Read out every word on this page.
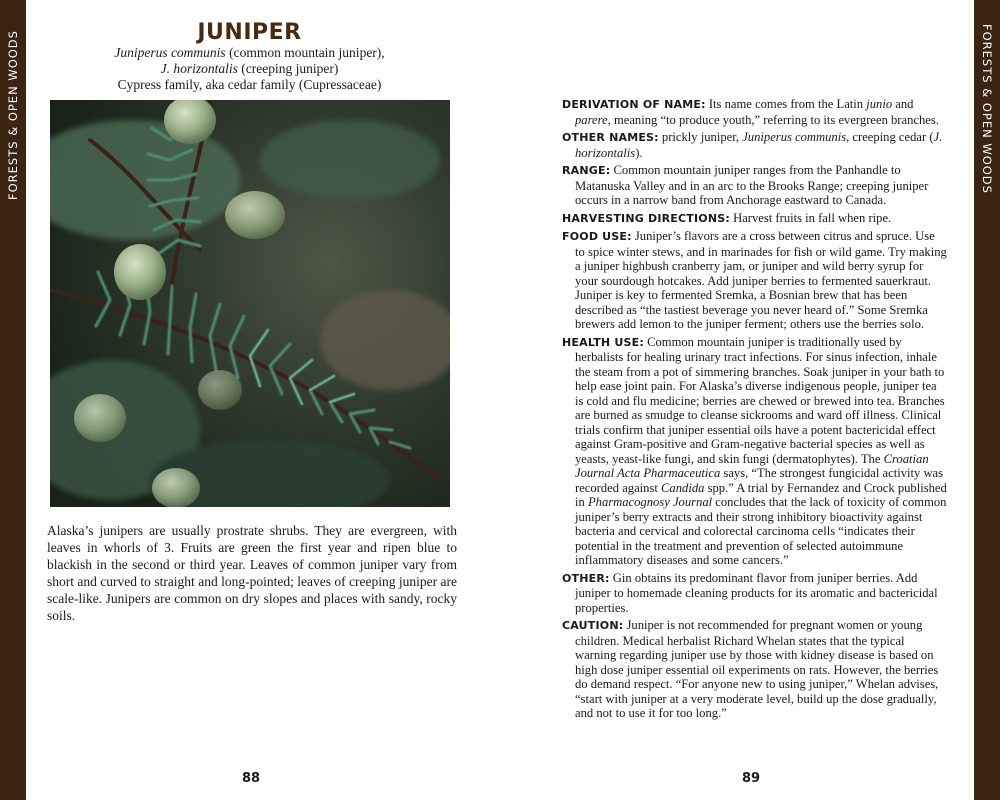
FORESTS & OPEN WOODS	FORESTS & OPEN WOODS
JUNIPER
Juniperus communis (common mountain juniper),
J. horizontalis (creeping juniper)
Cypress family, aka cedar family (Cupressaceae)
Alaska’s junipers are usually prostrate shrubs. They are evergreen, with leaves in whorls of 3. Fruits are green the first year and ripen blue to blackish in the second or third year. Leaves of common juniper vary from short and curved to straight and long-pointed; leaves of creeping juniper are scale-like. Junipers are common on dry slopes and places with sandy, rocky soils.
88

DERIVATION OF NAME: Its name comes from the Latin junio and parere, meaning “to produce youth,” referring to its evergreen branches.

OTHER NAMES: prickly juniper, Juniperus communis, creeping cedar (J. horizontalis).

RANGE: Common mountain juniper ranges from the Panhandle to Matanuska Valley and in an arc to the Brooks Range; creeping juniper occurs in a narrow band from Anchorage eastward to Canada.

HARVESTING DIRECTIONS: Harvest fruits in fall when ripe.

FOOD USE: Juniper’s flavors are a cross between citrus and spruce. Use to spice winter stews, and in marinades for fish or wild game. Try making a juniper highbush cranberry jam, or juniper and wild berry syrup for your sourdough hotcakes. Add juniper berries to fermented sauerkraut. Juniper is key to fermented Sremka, a Bosnian brew that has been described as “the tastiest beverage you never heard of.” Some Sremka brewers add lemon to the juniper ferment; others use the berries solo.

HEALTH USE: Common mountain juniper is traditionally used by herbalists for healing urinary tract infections. For sinus infection, inhale the steam from a pot of simmering branches. Soak juniper in your bath to help ease joint pain. For Alaska’s diverse indigenous people, juniper tea is cold and flu medicine; berries are chewed or brewed into tea. Branches are burned as smudge to cleanse sickrooms and ward off illness. Clinical trials confirm that juniper essential oils have a potent bactericidal effect against Gram-positive and Gram-negative bacterial species as well as yeasts, yeast-like fungi, and skin fungi (dermatophytes). The Croatian Journal Acta Pharmaceutica says, “The strongest fungicidal activity was recorded against Candida spp.” A trial by Fernandez and Crock published in Pharmacognosy Journal concludes that the lack of toxicity of common juniper’s berry extracts and their strong inhibitory bioactivity against bacteria and cervical and colorectal carcinoma cells “indicates their potential in the treatment and prevention of selected autoimmune inflammatory diseases and some cancers.”

OTHER: Gin obtains its predominant flavor from juniper berries. Add juniper to homemade cleaning products for its aromatic and bactericidal properties.

CAUTION: Juniper is not recommended for pregnant women or young children. Medical herbalist Richard Whelan states that the typical warning regarding juniper use by those with kidney disease is based on high dose juniper essential oil experiments on rats. However, the berries do demand respect. “For anyone new to using juniper,” Whelan advises, “start with juniper at a very moderate level, build up the dose gradually, and not to use it for too long.”

89
